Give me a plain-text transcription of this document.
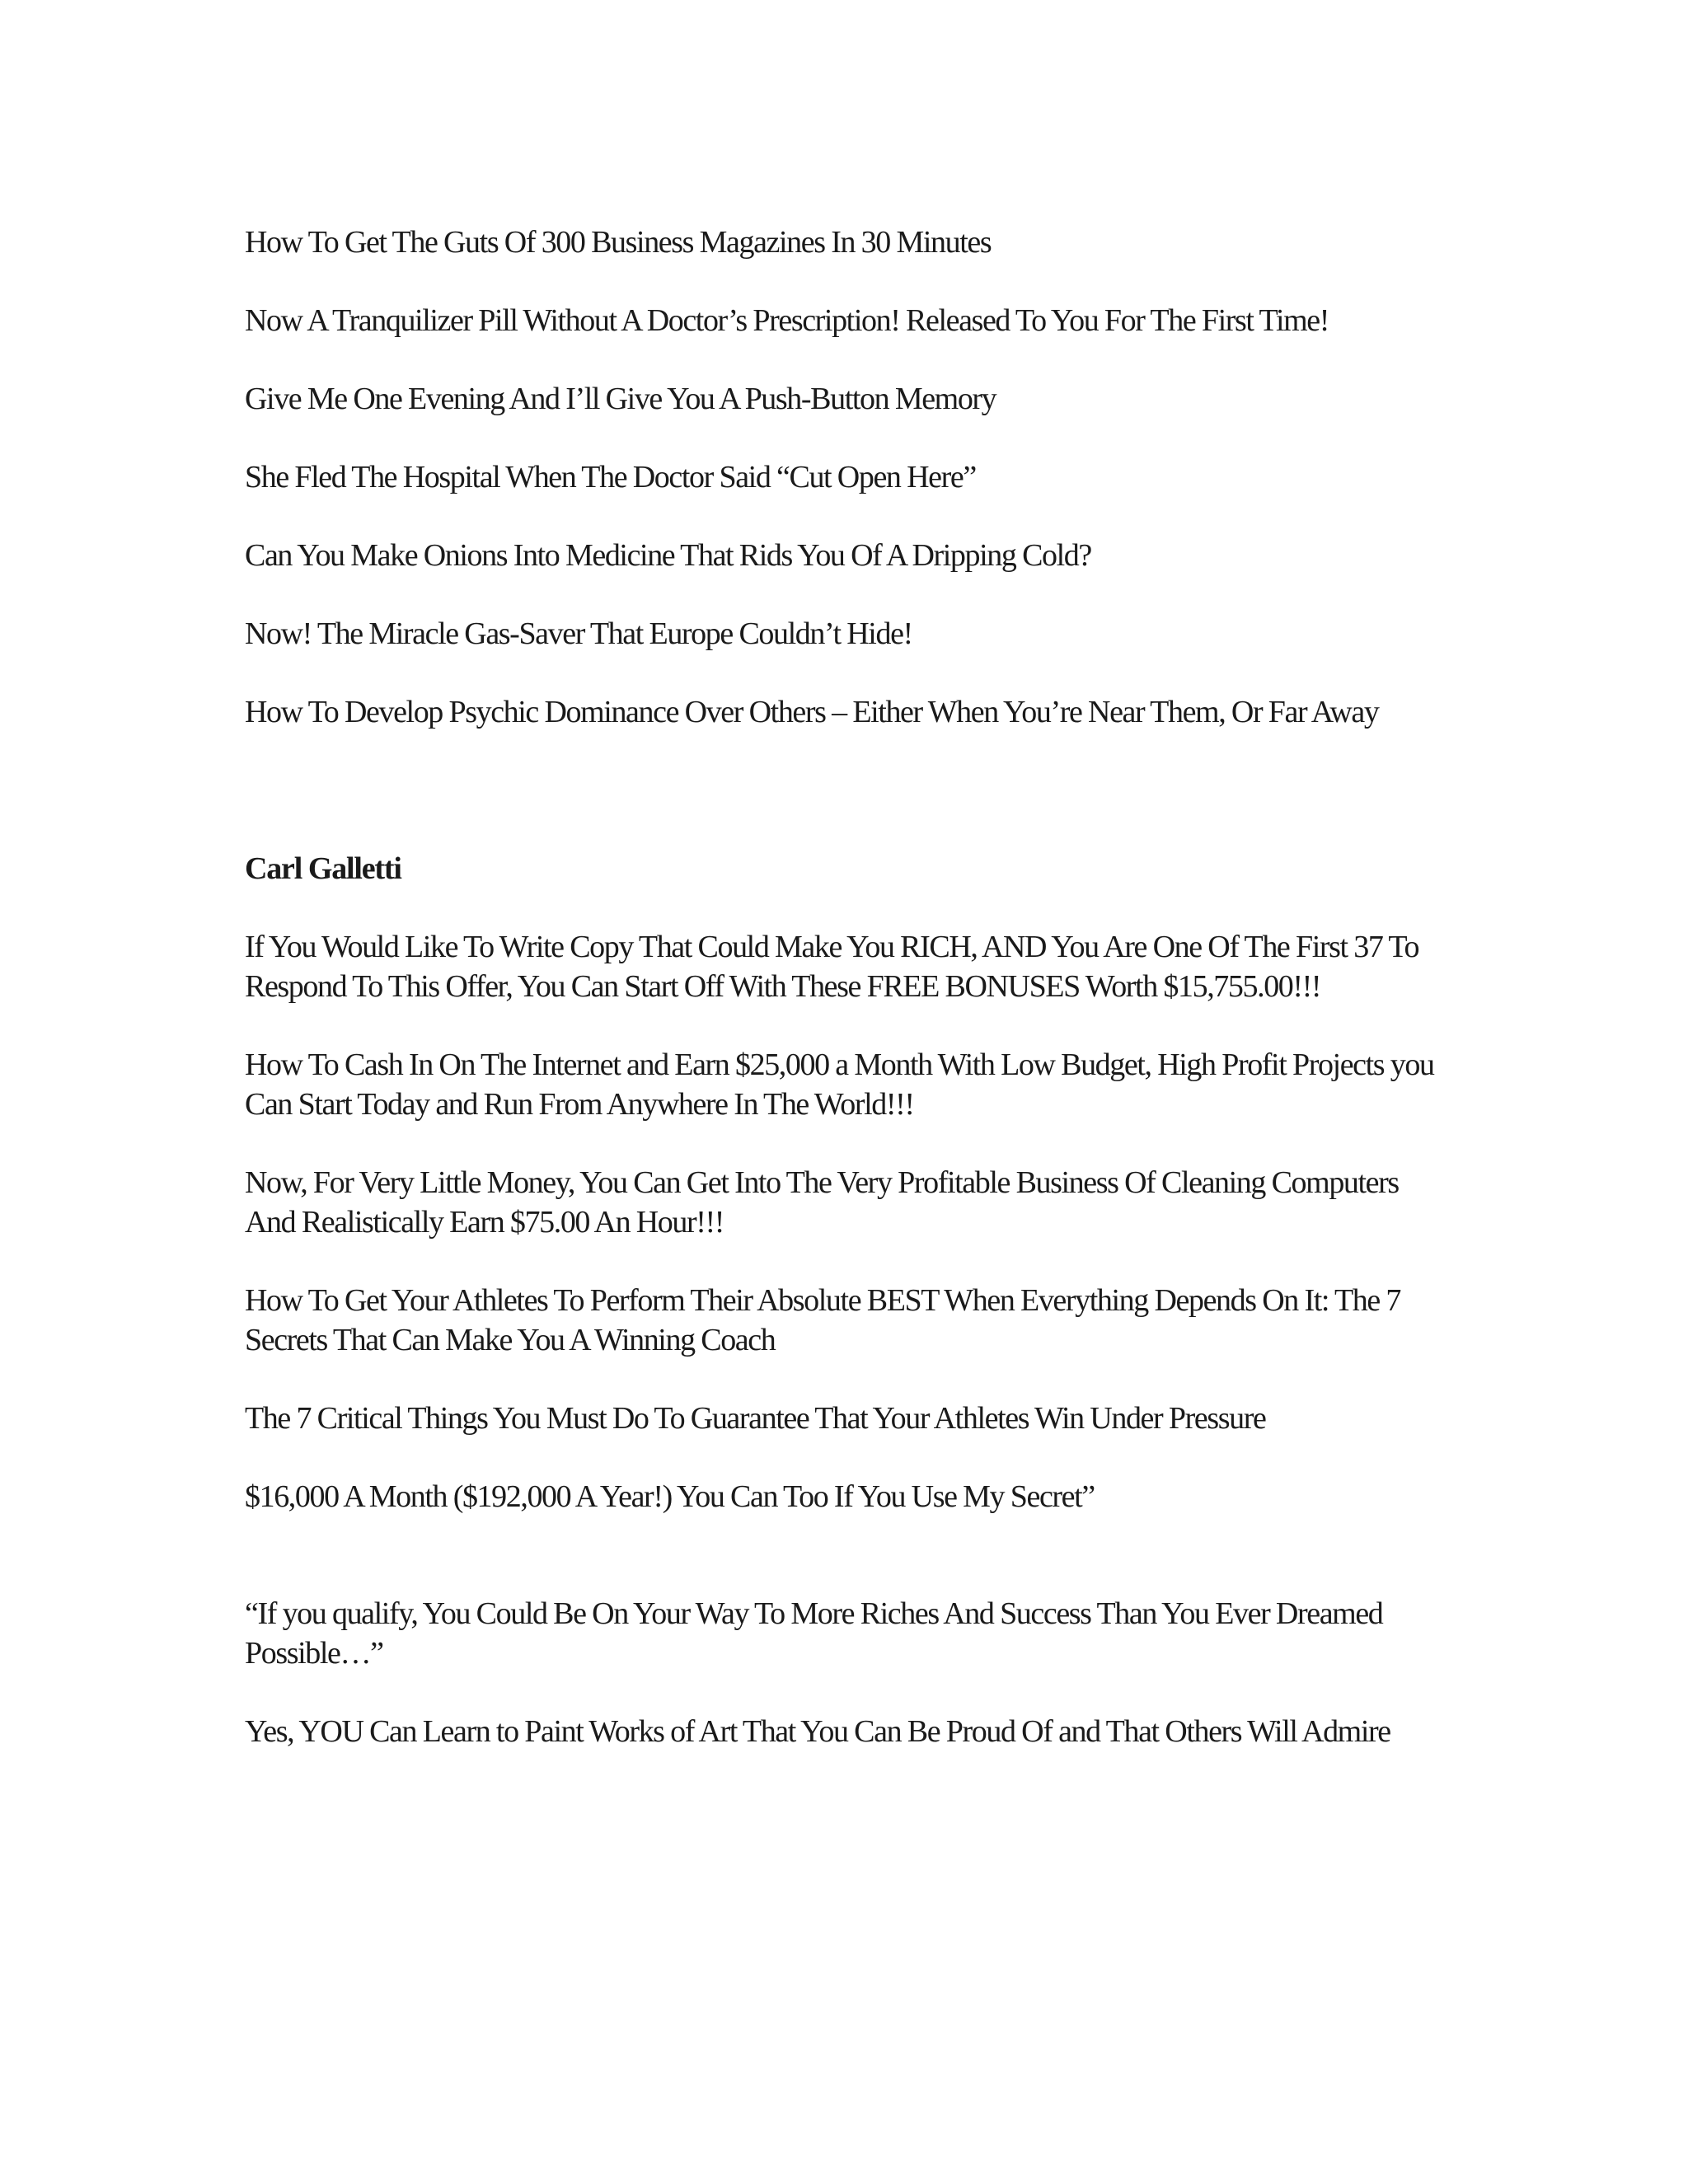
How To Get The Guts Of 300 Business Magazines In 30 Minutes

Now A Tranquilizer Pill Without A Doctor’s Prescription! Released To You For The First Time!

Give Me One Evening And I’ll Give You A Push-Button Memory

She Fled The Hospital When The Doctor Said “Cut Open Here”

Can You Make Onions Into Medicine That Rids You Of A Dripping Cold?

Now! The Miracle Gas-Saver That Europe Couldn’t Hide!

How To Develop Psychic Dominance Over Others – Either When You’re Near Them, Or Far Away

Carl Galletti

If You Would Like To Write Copy That Could Make You RICH, AND You Are One Of The First 37 To Respond To This Offer, You Can Start Off With These FREE BONUSES Worth $15,755.00!!!

How To Cash In On The Internet and Earn $25,000 a Month With Low Budget, High Profit Projects you Can Start Today and Run From Anywhere In The World!!!

Now, For Very Little Money, You Can Get Into The Very Profitable Business Of Cleaning Computers And Realistically Earn $75.00 An Hour!!!

How To Get Your Athletes To Perform Their Absolute BEST When Everything Depends On It: The 7 Secrets That Can Make You A Winning Coach

The 7 Critical Things You Must Do To Guarantee That Your Athletes Win Under Pressure

$16,000 A Month ($192,000 A Year!) You Can Too If You Use My Secret”

“If you qualify, You Could Be On Your Way To More Riches And Success Than You Ever Dreamed Possible…”

Yes, YOU Can Learn to Paint Works of Art That You Can Be Proud Of and That Others Will Admire
